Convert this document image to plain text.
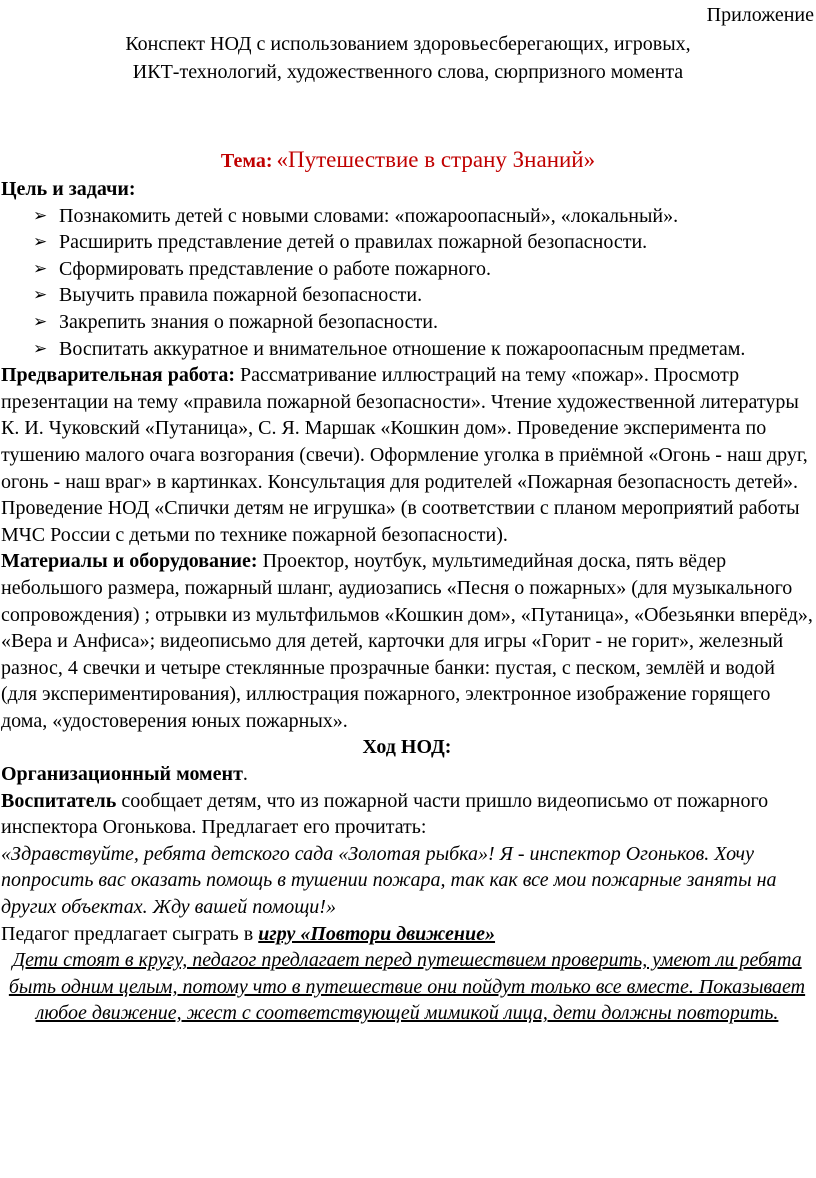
Приложение
Конспект НОД с использованием здоровьесберегающих, игровых,
ИКТ-технологий, художественного слова, сюрпризного момента
Тема: «Путешествие в страну Знаний»

Цель и задачи:

➢ Познакомить детей с новыми словами: «пожароопасный», «локальный».
➢ Расширить представление детей о правилах пожарной безопасности.
➢ Сформировать представление о работе пожарного.
➢ Выучить правила пожарной безопасности.
➢ Закрепить знания о пожарной безопасности.
➢ Воспитать аккуратное и внимательное отношение к пожароопасным предметам.

Предварительная работа: Рассматривание иллюстраций на тему «пожар». Просмотр презентации на тему «правила пожарной безопасности». Чтение художественной литературы К. И. Чуковский «Путаница», С. Я. Маршак «Кошкин дом». Проведение эксперимента по тушению малого очага возгорания (свечи). Оформление уголка в приёмной «Огонь - наш друг, огонь - наш враг» в картинках. Консультация для родителей «Пожарная безопасность детей». Проведение НОД «Спички детям не игрушка» (в соответствии с планом мероприятий работы МЧС России с детьми по технике пожарной безопасности).

Материалы и оборудование: Проектор, ноутбук, мультимедийная доска, пять вёдер небольшого размера, пожарный шланг, аудиозапись «Песня о пожарных» (для музыкального сопровождения) ; отрывки из мультфильмов «Кошкин дом», «Путаница», «Обезьянки вперёд», «Вера и Анфиса»; видеописьмо для детей, карточки для игры «Горит - не горит», железный разнос, 4 свечки и четыре стеклянные прозрачные банки: пустая, с песком, землёй и водой (для экспериментирования), иллюстрация пожарного, электронное изображение горящего дома, «удостоверения юных пожарных».

Ход НОД:

Организационный момент.

Воспитатель сообщает детям, что из пожарной части пришло видеописьмо от пожарного инспектора Огонькова. Предлагает его прочитать:

«Здравствуйте, ребята детского сада «Золотая рыбка»! Я - инспектор Огоньков. Хочу попросить вас оказать помощь в тушении пожара, так как все мои пожарные заняты на других объектах. Жду вашей помощи!»

Педагог предлагает сыграть в игру «Повтори движение»

Дети стоят в кругу, педагог предлагает перед путешествием проверить, умеют ли ребята быть одним целым, потому что в путешествие они пойдут только все вместе. Показывает любое движение, жест с соответствующей мимикой лица, дети должны повторить.
